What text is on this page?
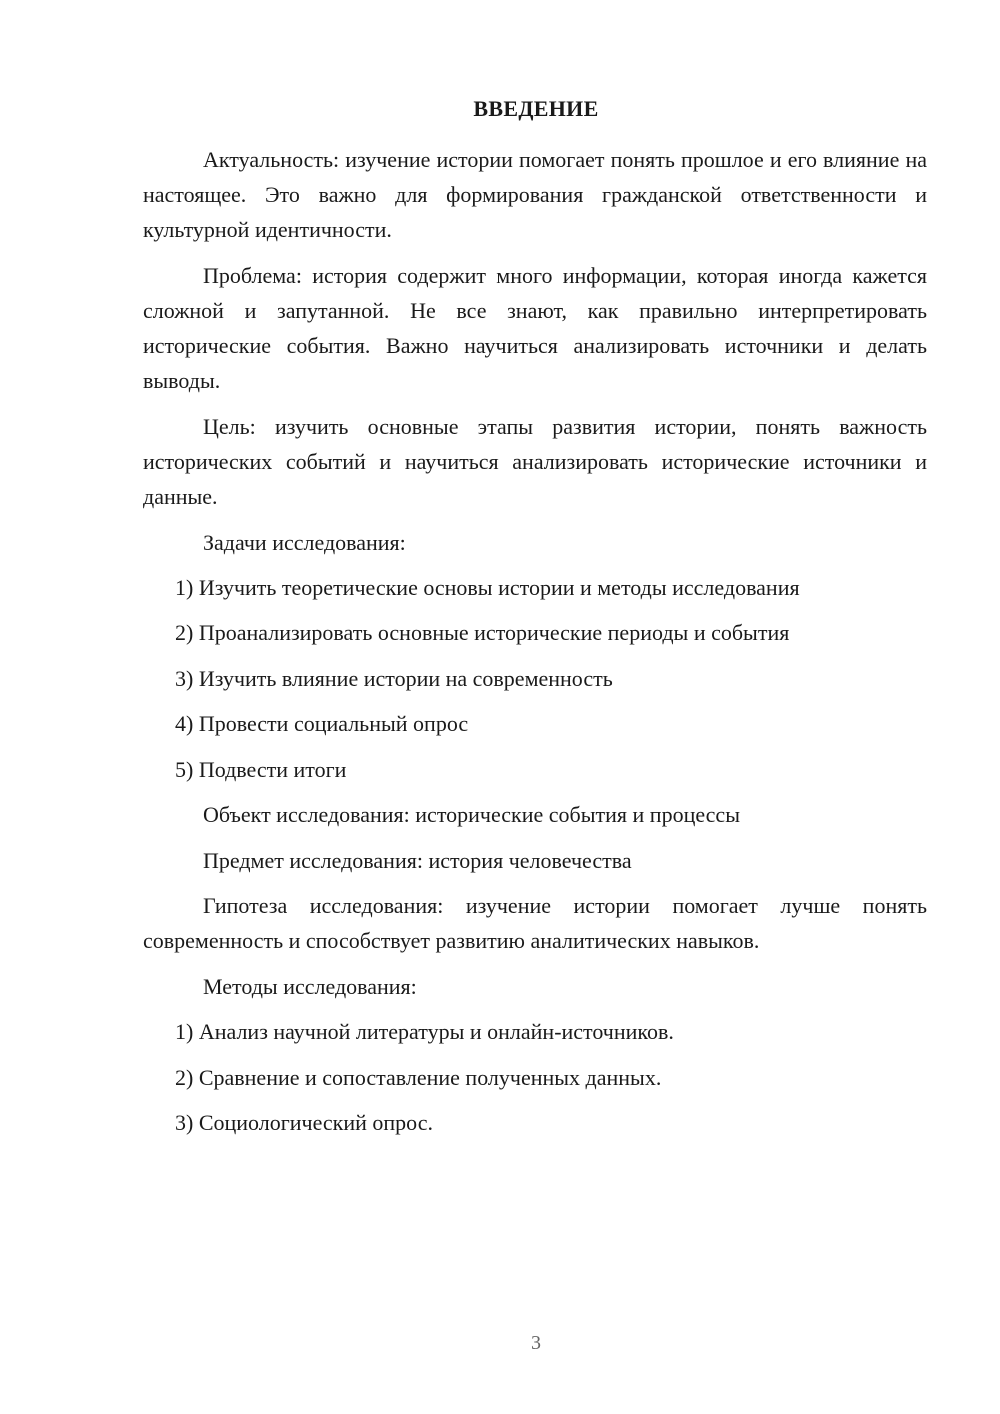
ВВЕДЕНИЕ

Актуальность: изучение истории помогает понять прошлое и его влияние на настоящее. Это важно для формирования гражданской ответственности и культурной идентичности.

Проблема: история содержит много информации, которая иногда кажется сложной и запутанной. Не все знают, как правильно интерпретировать исторические события. Важно научиться анализировать источники и делать выводы.

Цель: изучить основные этапы развития истории, понять важность исторических событий и научиться анализировать исторические источники и данные.

Задачи исследования:

1) Изучить теоретические основы истории и методы исследования
2) Проанализировать основные исторические периоды и события
3) Изучить влияние истории на современность
4) Провести социальный опрос
5) Подвести итоги

Объект исследования: исторические события и процессы

Предмет исследования: история человечества

Гипотеза исследования: изучение истории помогает лучше понять современность и способствует развитию аналитических навыков.

Методы исследования:

1) Анализ научной литературы и онлайн-источников.
2) Сравнение и сопоставление полученных данных.
3) Социологический опрос.
3
